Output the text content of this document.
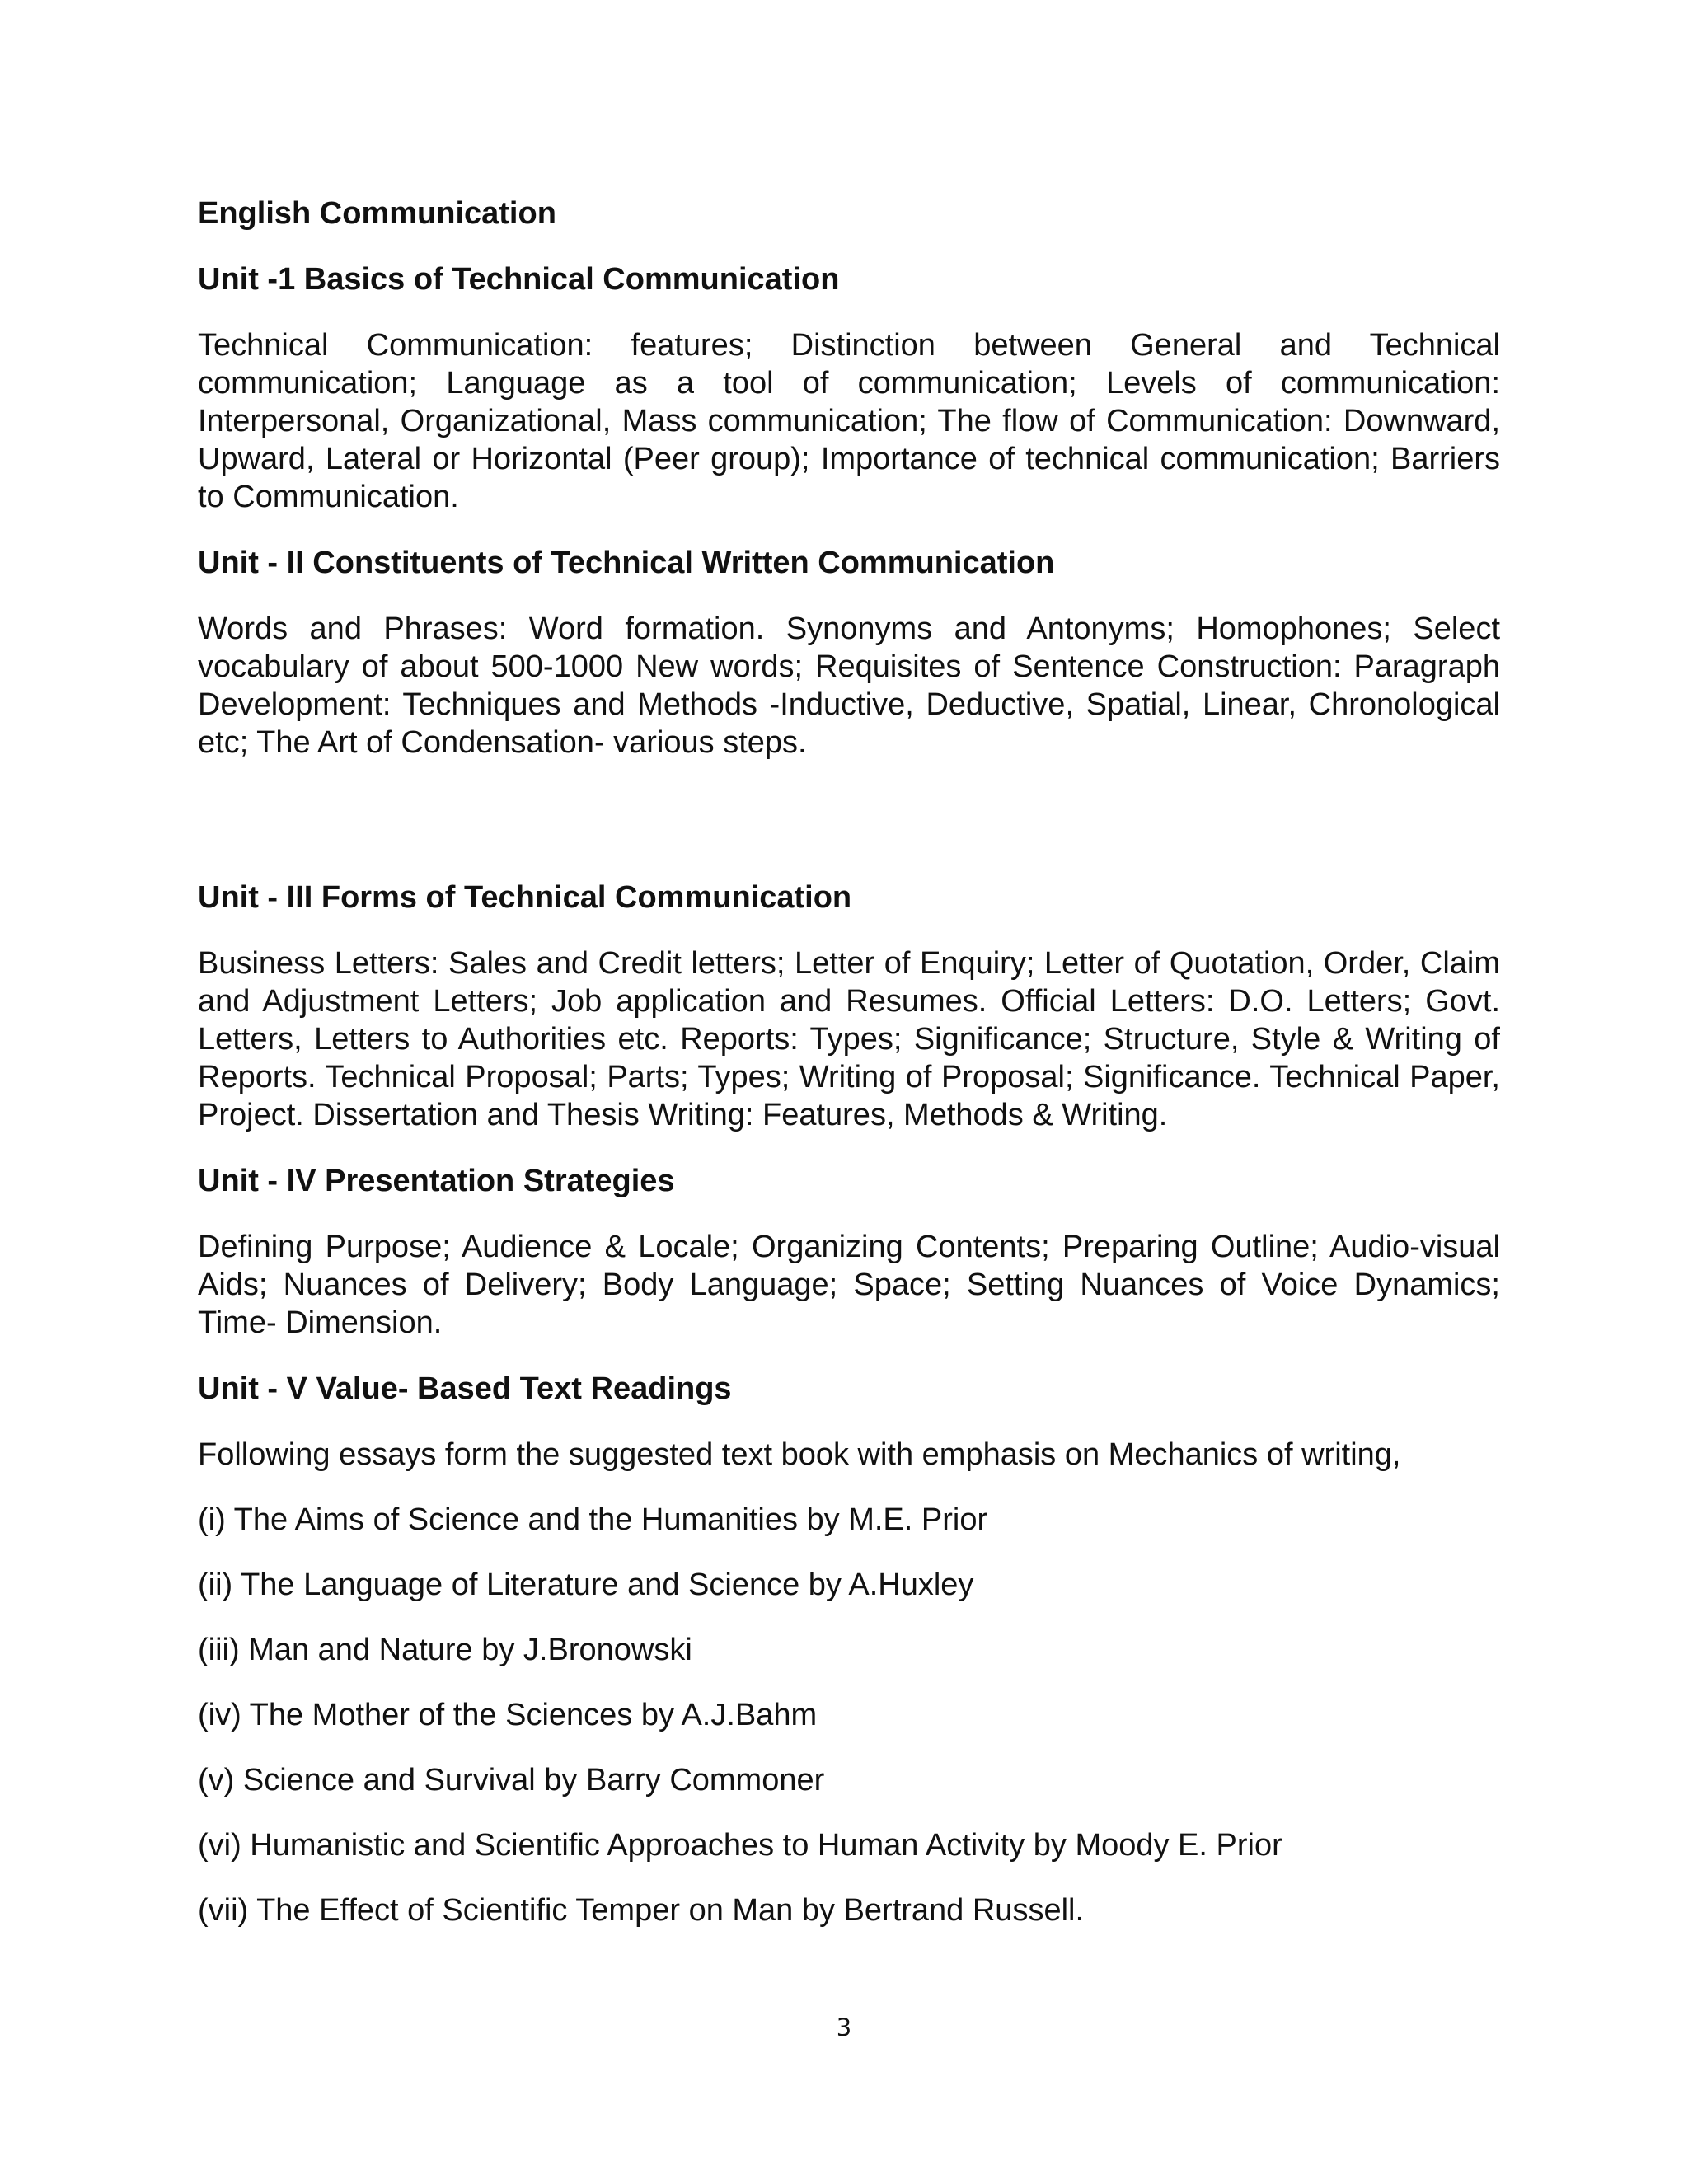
English Communication
Unit -1 Basics of Technical Communication
Technical Communication: features; Distinction between General and Technical communication; Language as a tool of communication; Levels of communication: Interpersonal, Organizational, Mass communication; The flow of Communication: Downward, Upward, Lateral or Horizontal (Peer group); Importance of technical communication; Barriers to Communication.
Unit - II Constituents of Technical Written Communication
Words and Phrases: Word formation. Synonyms and Antonyms; Homophones; Select vocabulary of about 500-1000 New words; Requisites of Sentence Construction: Paragraph Development: Techniques and Methods -Inductive, Deductive, Spatial, Linear, Chronological etc; The Art of Condensation- various steps.
Unit - III Forms of Technical Communication
Business Letters: Sales and Credit letters; Letter of Enquiry; Letter of Quotation, Order, Claim and Adjustment Letters; Job application and Resumes. Official Letters: D.O. Letters; Govt. Letters, Letters to Authorities etc. Reports: Types; Significance; Structure, Style & Writing of Reports. Technical Proposal; Parts; Types; Writing of Proposal; Significance. Technical Paper, Project. Dissertation and Thesis Writing: Features, Methods & Writing.
Unit - IV Presentation Strategies
Defining Purpose; Audience & Locale; Organizing Contents; Preparing Outline; Audio-visual Aids; Nuances of Delivery; Body Language; Space; Setting Nuances of Voice Dynamics; Time- Dimension.
Unit - V Value- Based Text Readings
Following essays form the suggested text book with emphasis on Mechanics of writing,
(i) The Aims of Science and the Humanities by M.E. Prior
(ii) The Language of Literature and Science by A.Huxley
(iii) Man and Nature by J.Bronowski
(iv) The Mother of the Sciences by A.J.Bahm
(v) Science and Survival by Barry Commoner
(vi) Humanistic and Scientific Approaches to Human Activity by Moody E. Prior
(vii) The Effect of Scientific Temper on Man by Bertrand Russell.
3
